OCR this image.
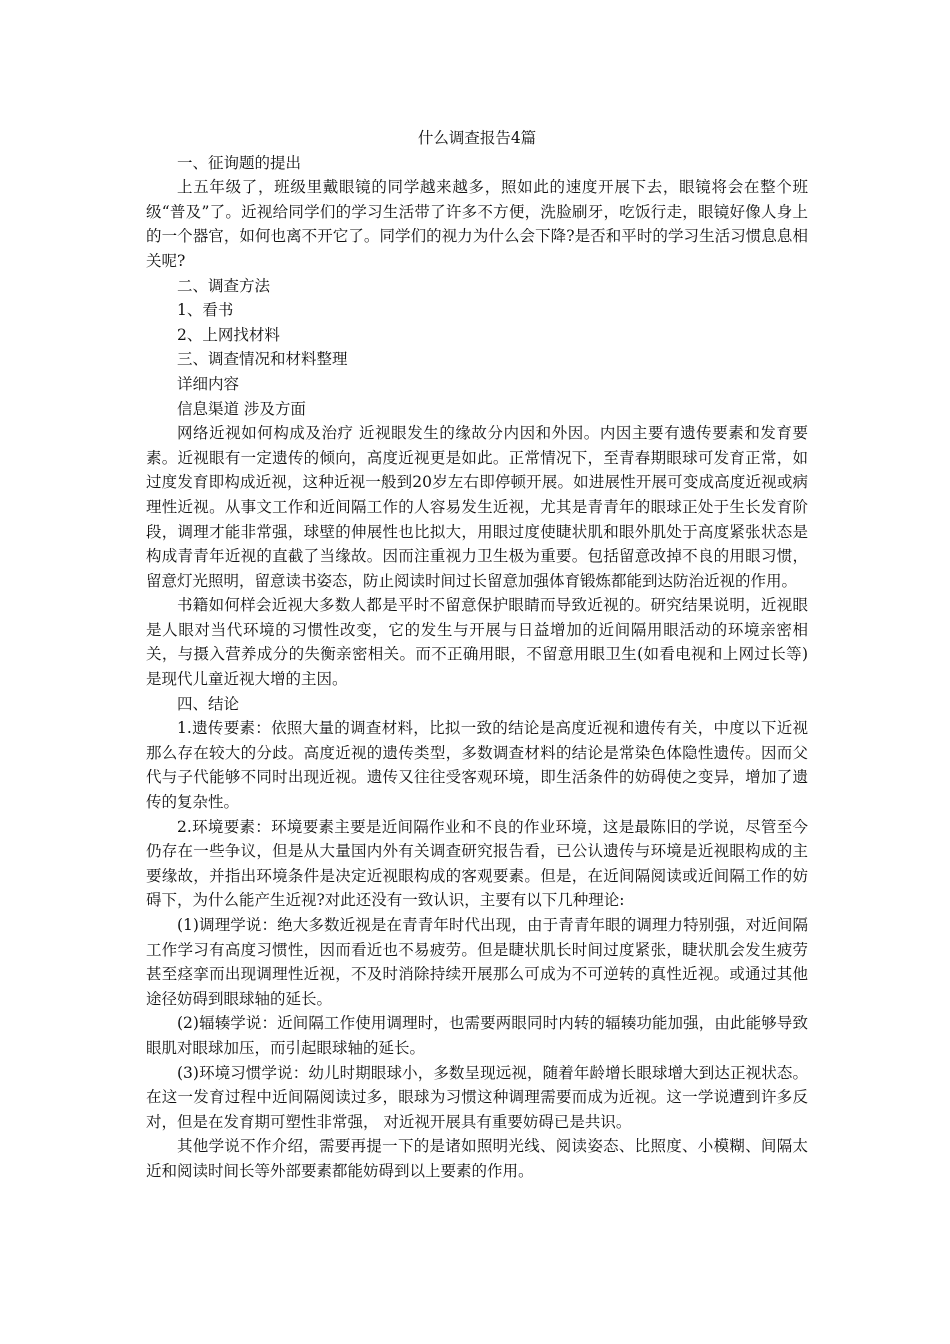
什么调查报告4篇

一、征询题的提出

上五年级了，班级里戴眼镜的同学越来越多，照如此的速度开展下去，眼镜将会在整个班级“普及”了。近视给同学们的学习生活带了许多不方便，洗脸刷牙，吃饭行走，眼镜好像人身上的一个器官，如何也离不开它了。同学们的视力为什么会下降?是否和平时的学习生活习惯息息相关呢?

二、调查方法

1、看书

2、上网找材料

三、调查情况和材料整理

详细内容

信息渠道 涉及方面

网络近视如何构成及治疗 近视眼发生的缘故分内因和外因。内因主要有遗传要素和发育要素。近视眼有一定遗传的倾向，高度近视更是如此。正常情况下，至青春期眼球可发育正常，如过度发育即构成近视，这种近视一般到20岁左右即停顿开展。如进展性开展可变成高度近视或病理性近视。从事文工作和近间隔工作的人容易发生近视，尤其是青青年的眼球正处于生长发育阶段，调理才能非常强，球壁的伸展性也比拟大，用眼过度使睫状肌和眼外肌处于高度紧张状态是构成青青年近视的直截了当缘故。因而注重视力卫生极为重要。包括留意改掉不良的用眼习惯，留意灯光照明，留意读书姿态，防止阅读时间过长留意加强体育锻炼都能到达防治近视的作用。

书籍如何样会近视大多数人都是平时不留意保护眼睛而导致近视的。研究结果说明，近视眼是人眼对当代环境的习惯性改变，它的发生与开展与日益增加的近间隔用眼活动的环境亲密相关，与摄入营养成分的失衡亲密相关。而不正确用眼，不留意用眼卫生(如看电视和上网过长等)是现代儿童近视大增的主因。

四、结论

1.遗传要素：依照大量的调查材料，比拟一致的结论是高度近视和遗传有关，中度以下近视那么存在较大的分歧。高度近视的遗传类型，多数调查材料的结论是常染色体隐性遗传。因而父代与子代能够不同时出现近视。遗传又往往受客观环境，即生活条件的妨碍使之变异，增加了遗传的复杂性。

2.环境要素：环境要素主要是近间隔作业和不良的作业环境，这是最陈旧的学说，尽管至今仍存在一些争议，但是从大量国内外有关调查研究报告看，已公认遗传与环境是近视眼构成的主要缘故，并指出环境条件是决定近视眼构成的客观要素。但是，在近间隔阅读或近间隔工作的妨碍下，为什么能产生近视?对此还没有一致认识，主要有以下几种理论:

(1)调理学说：绝大多数近视是在青青年时代出现，由于青青年眼的调理力特别强，对近间隔工作学习有高度习惯性，因而看近也不易疲劳。但是睫状肌长时间过度紧张，睫状肌会发生疲劳甚至痉挛而出现调理性近视，不及时消除持续开展那么可成为不可逆转的真性近视。或通过其他途径妨碍到眼球轴的延长。

(2)辐辏学说：近间隔工作使用调理时，也需要两眼同时内转的辐辏功能加强，由此能够导致眼肌对眼球加压，而引起眼球轴的延长。

(3)环境习惯学说：幼儿时期眼球小，多数呈现远视，随着年龄增长眼球增大到达正视状态。在这一发育过程中近间隔阅读过多，眼球为习惯这种调理需要而成为近视。这一学说遭到许多反对，但是在发育期可塑性非常强， 对近视开展具有重要妨碍已是共识。

其他学说不作介绍，需要再提一下的是诸如照明光线、阅读姿态、比照度、小模糊、间隔太近和阅读时间长等外部要素都能妨碍到以上要素的作用。
